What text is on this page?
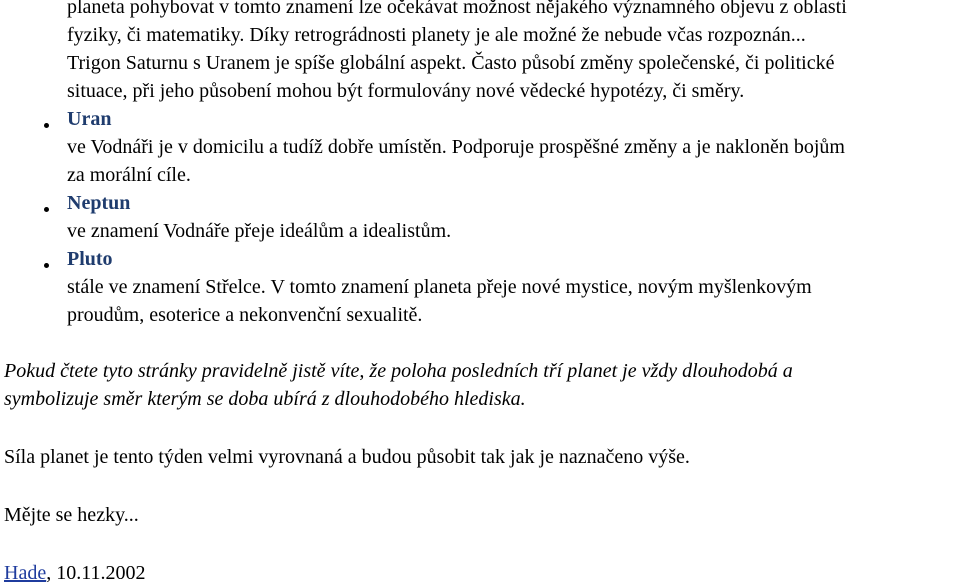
planeta pohybovat v tomto znamení lze očekávat možnost nějakého významného objevu z oblasti
fyziky, či matematiky. Díky retrográdnosti planety je ale možné že nebude včas rozpoznán...
Trigon Saturnu s Uranem je spíše globální aspekt. Často působí změny společenské, či politické
situace, při jeho působení mohou být formulovány nové vědecké hypotézy, či směry.
Uran
ve Vodnáři je v domicilu a tudíž dobře umístěn. Podporuje prospěšné změny a je nakloněn bojům
za morální cíle.
Neptun
ve znamení Vodnáře přeje ideálům a idealistům.
Pluto
stále ve znamení Střelce. V tomto znamení planeta přeje nové mystice, novým myšlenkovým
proudům, esoterice a nekonvenční sexualitě.
Pokud čtete tyto stránky pravidelně jistě víte, že poloha posledních tří planet je vždy dlouhodobá a
symbolizuje směr kterým se doba ubírá z dlouhodobého hlediska.
Síla planet je tento týden velmi vyrovnaná a budou působit tak jak je naznačeno výše.
Mějte se hezky...
Hade, 10.11.2002
